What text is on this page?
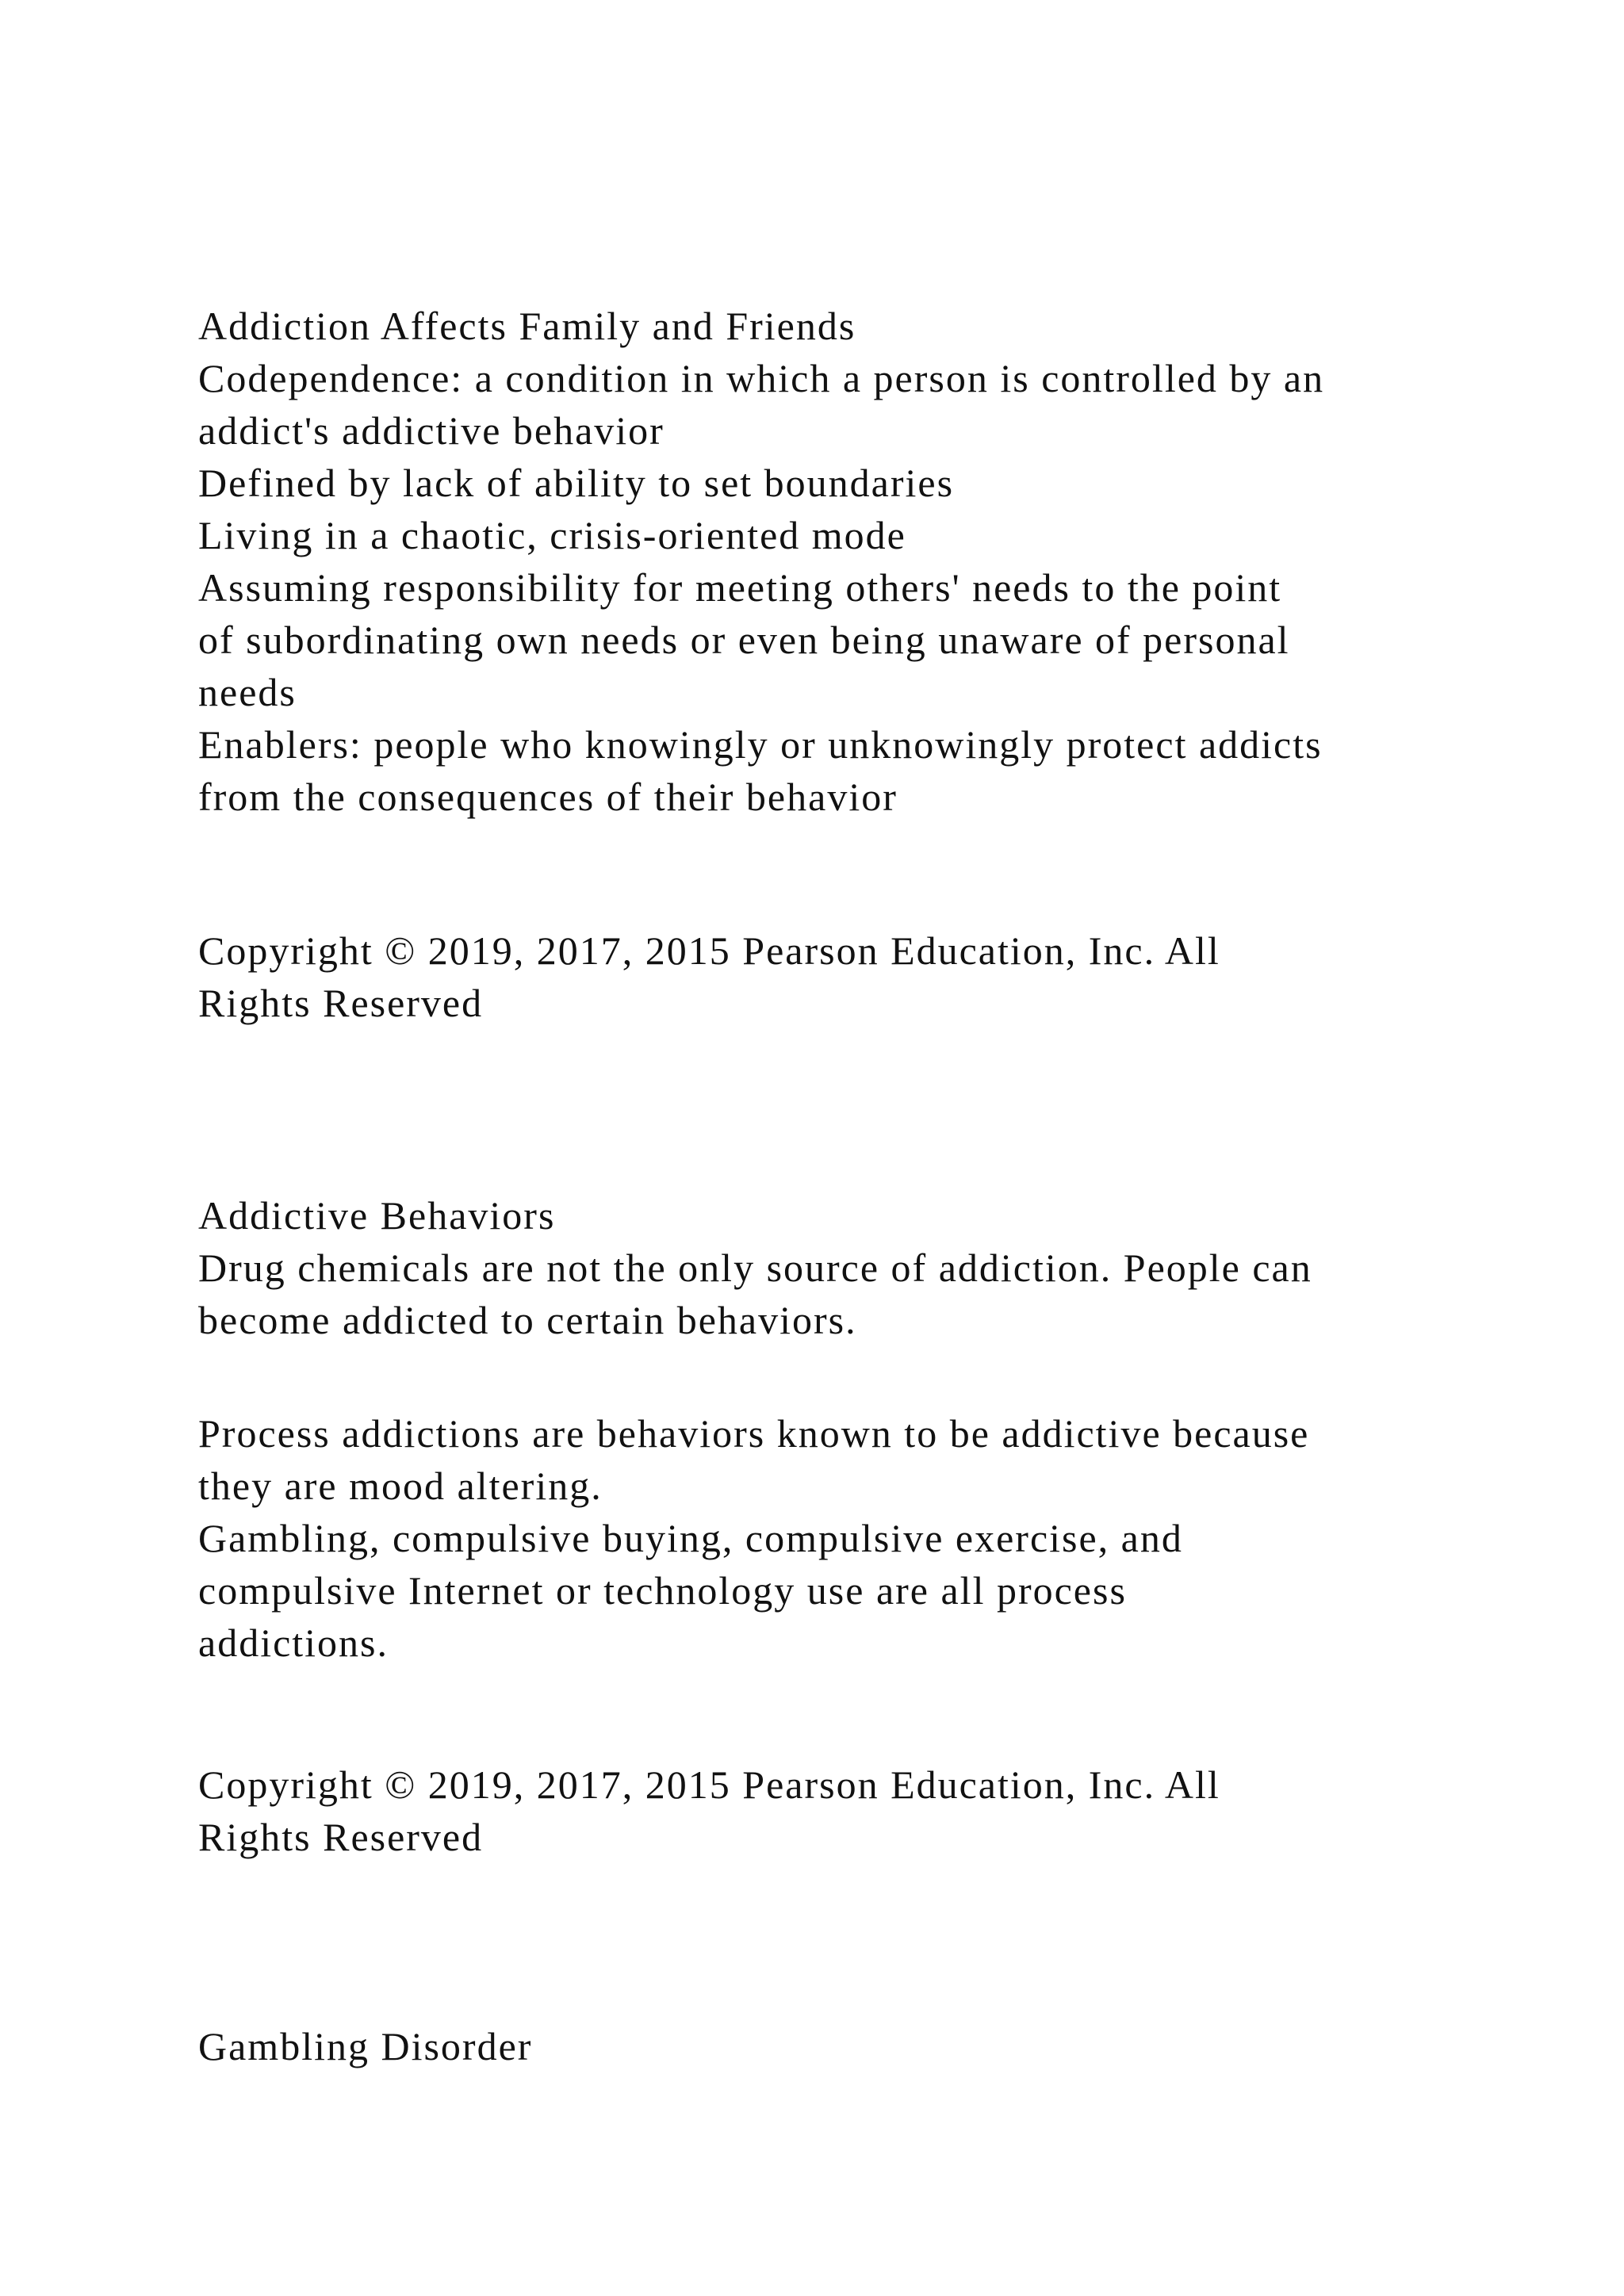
Addiction Affects Family and Friends
Codependence: a condition in which a person is controlled by an
addict's addictive behavior
Defined by lack of ability to set boundaries
Living in a chaotic, crisis-oriented mode
Assuming responsibility for meeting others' needs to the point
of subordinating own needs or even being unaware of personal
needs
Enablers: people who knowingly or unknowingly protect addicts
from the consequences of their behavior
Copyright © 2019, 2017, 2015 Pearson Education, Inc. All
Rights Reserved
Addictive Behaviors
Drug chemicals are not the only source of addiction. People can
become addicted to certain behaviors.
Process addictions are behaviors known to be addictive because
they are mood altering.
Gambling, compulsive buying, compulsive exercise, and
compulsive Internet or technology use are all process
addictions.
Copyright © 2019, 2017, 2015 Pearson Education, Inc. All
Rights Reserved
Gambling Disorder
